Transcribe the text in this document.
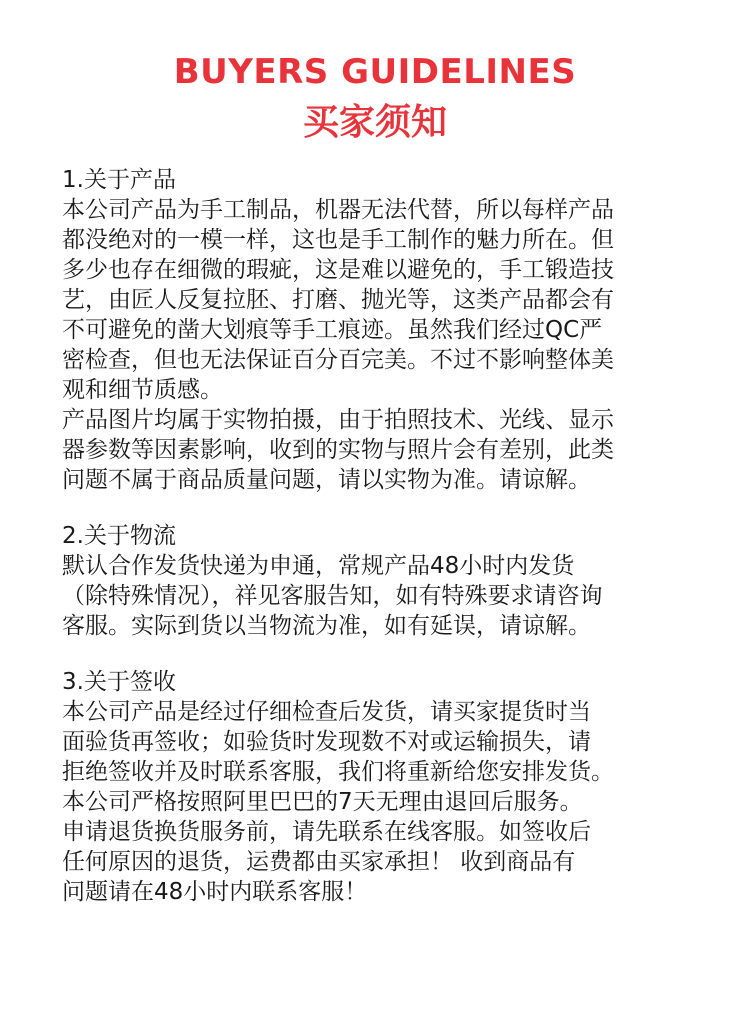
BUYERS GUIDELINES
买家须知

1.关于产品

本公司产品为手工制品，机器无法代替，所以每样产品

都没绝对的一模一样，这也是手工制作的魅力所在。但

多少也存在细微的瑕疵，这是难以避免的，手工锻造技

艺，由匠人反复拉胚、打磨、抛光等，这类产品都会有

不可避免的凿大划痕等手工痕迹。虽然我们经过QC严

密检查，但也无法保证百分百完美。不过不影响整体美

观和细节质感。

产品图片均属于实物拍摄，由于拍照技术、光线、显示

器参数等因素影响，收到的实物与照片会有差别，此类

问题不属于商品质量问题，请以实物为准。请谅解。

2.关于物流

默认合作发货快递为申通，常规产品48小时内发货

（除特殊情况），祥见客服告知，如有特殊要求请咨询

客服。实际到货以当物流为准，如有延误，请谅解。

3.关于签收

本公司产品是经过仔细检查后发货，请买家提货时当

面验货再签收；如验货时发现数不对或运输损失，请

拒绝签收并及时联系客服，我们将重新给您安排发货。

本公司严格按照阿里巴巴的7天无理由退回后服务。

申请退货换货服务前，请先联系在线客服。如签收后

任何原因的退货，运费都由买家承担！ 收到商品有

问题请在48小时内联系客服！
